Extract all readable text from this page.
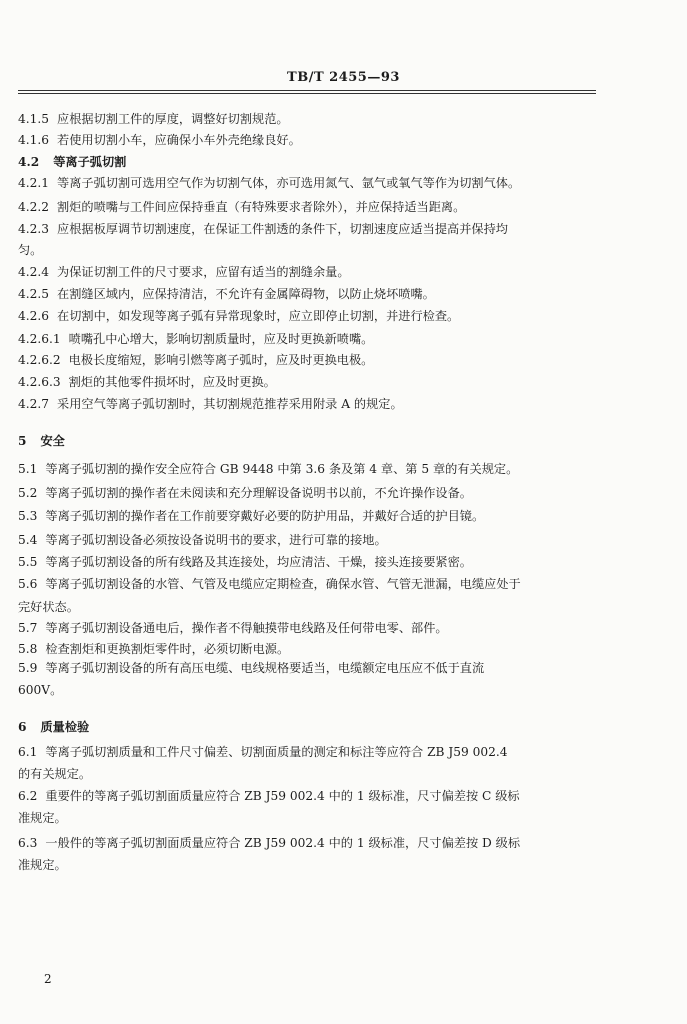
TB/T 2455—93
4.1.5 应根据切割工件的厚度，调整好切割规范。
4.1.6 若使用切割小车，应确保小车外壳绝缘良好。
4.2 等离子弧切割
4.2.1 等离子弧切割可选用空气作为切割气体，亦可选用氮气、氩气或氧气等作为切割气体。
4.2.2 割炬的喷嘴与工件间应保持垂直（有特殊要求者除外），并应保持适当距离。
4.2.3 应根据板厚调节切割速度，在保证工件割透的条件下，切割速度应适当提高并保持均
匀。
4.2.4 为保证切割工件的尺寸要求，应留有适当的割缝余量。
4.2.5 在割缝区域内，应保持清洁，不允许有金属障碍物，以防止烧坏喷嘴。
4.2.6 在切割中，如发现等离子弧有异常现象时，应立即停止切割，并进行检查。
4.2.6.1 喷嘴孔中心增大，影响切割质量时，应及时更换新喷嘴。
4.2.6.2 电极长度缩短，影响引燃等离子弧时，应及时更换电极。
4.2.6.3 割炬的其他零件损坏时，应及时更换。
4.2.7 采用空气等离子弧切割时，其切割规范推荐采用附录 A 的规定。
5 安全
5.1 等离子弧切割的操作安全应符合 GB 9448 中第 3.6 条及第 4 章、第 5 章的有关规定。
5.2 等离子弧切割的操作者在未阅读和充分理解设备说明书以前，不允许操作设备。
5.3 等离子弧切割的操作者在工作前要穿戴好必要的防护用品，并戴好合适的护目镜。
5.4 等离子弧切割设备必须按设备说明书的要求，进行可靠的接地。
5.5 等离子弧切割设备的所有线路及其连接处，均应清洁、干燥，接头连接要紧密。
5.6 等离子弧切割设备的水管、气管及电缆应定期检查，确保水管、气管无泄漏，电缆应处于
完好状态。
5.7 等离子弧切割设备通电后，操作者不得触摸带电线路及任何带电零、部件。
5.8 检查割炬和更换割炬零件时，必须切断电源。
5.9 等离子弧切割设备的所有高压电缆、电线规格要适当，电缆额定电压应不低于直流
600V。
6 质量检验
6.1 等离子弧切割质量和工件尺寸偏差、切割面质量的测定和标注等应符合 ZB J59 002.4
的有关规定。
6.2 重要件的等离子弧切割面质量应符合 ZB J59 002.4 中的 1 级标准，尺寸偏差按 C 级标
准规定。
6.3 一般件的等离子弧切割面质量应符合 ZB J59 002.4 中的 1 级标准，尺寸偏差按 D 级标
准规定。
2
